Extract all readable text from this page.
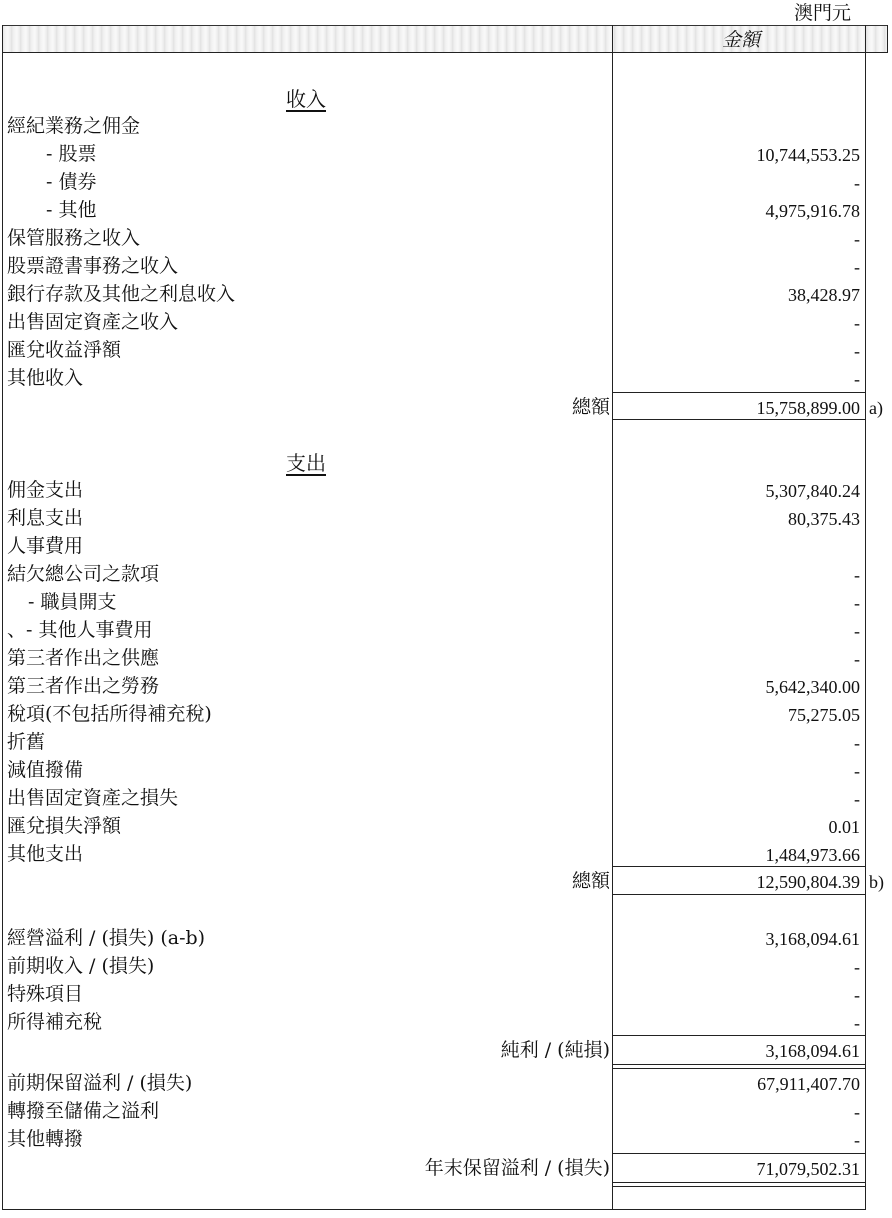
澳門元
金額
收入
經紀業務之佣金
- 股票	10,744,553.25
- 債券	-
- 其他	4,975,916.78
保管服務之收入	-
股票證書事務之收入	-
銀行存款及其他之利息收入	38,428.97
出售固定資產之收入	-
匯兌收益淨額	-
其他收入	-
總額	15,758,899.00 a)
支出
佣金支出	5,307,840.24
利息支出	80,375.43
人事費用
結欠總公司之款項	-
- 職員開支	-
、- 其他人事費用	-
第三者作出之供應	-
第三者作出之勞務	5,642,340.00
稅項(不包括所得補充稅)	75,275.05
折舊	-
減值撥備	-
出售固定資產之損失	-
匯兌損失淨額	0.01
其他支出	1,484,973.66
總額	12,590,804.39 b)
經營溢利 / (損失) (a-b)	3,168,094.61
前期收入 / (損失)	-
特殊項目	-
所得補充稅	-
純利 / (純損)	3,168,094.61
前期保留溢利 / (損失)	67,911,407.70
轉撥至儲備之溢利	-
其他轉撥	-
年末保留溢利 / (損失)	71,079,502.31
